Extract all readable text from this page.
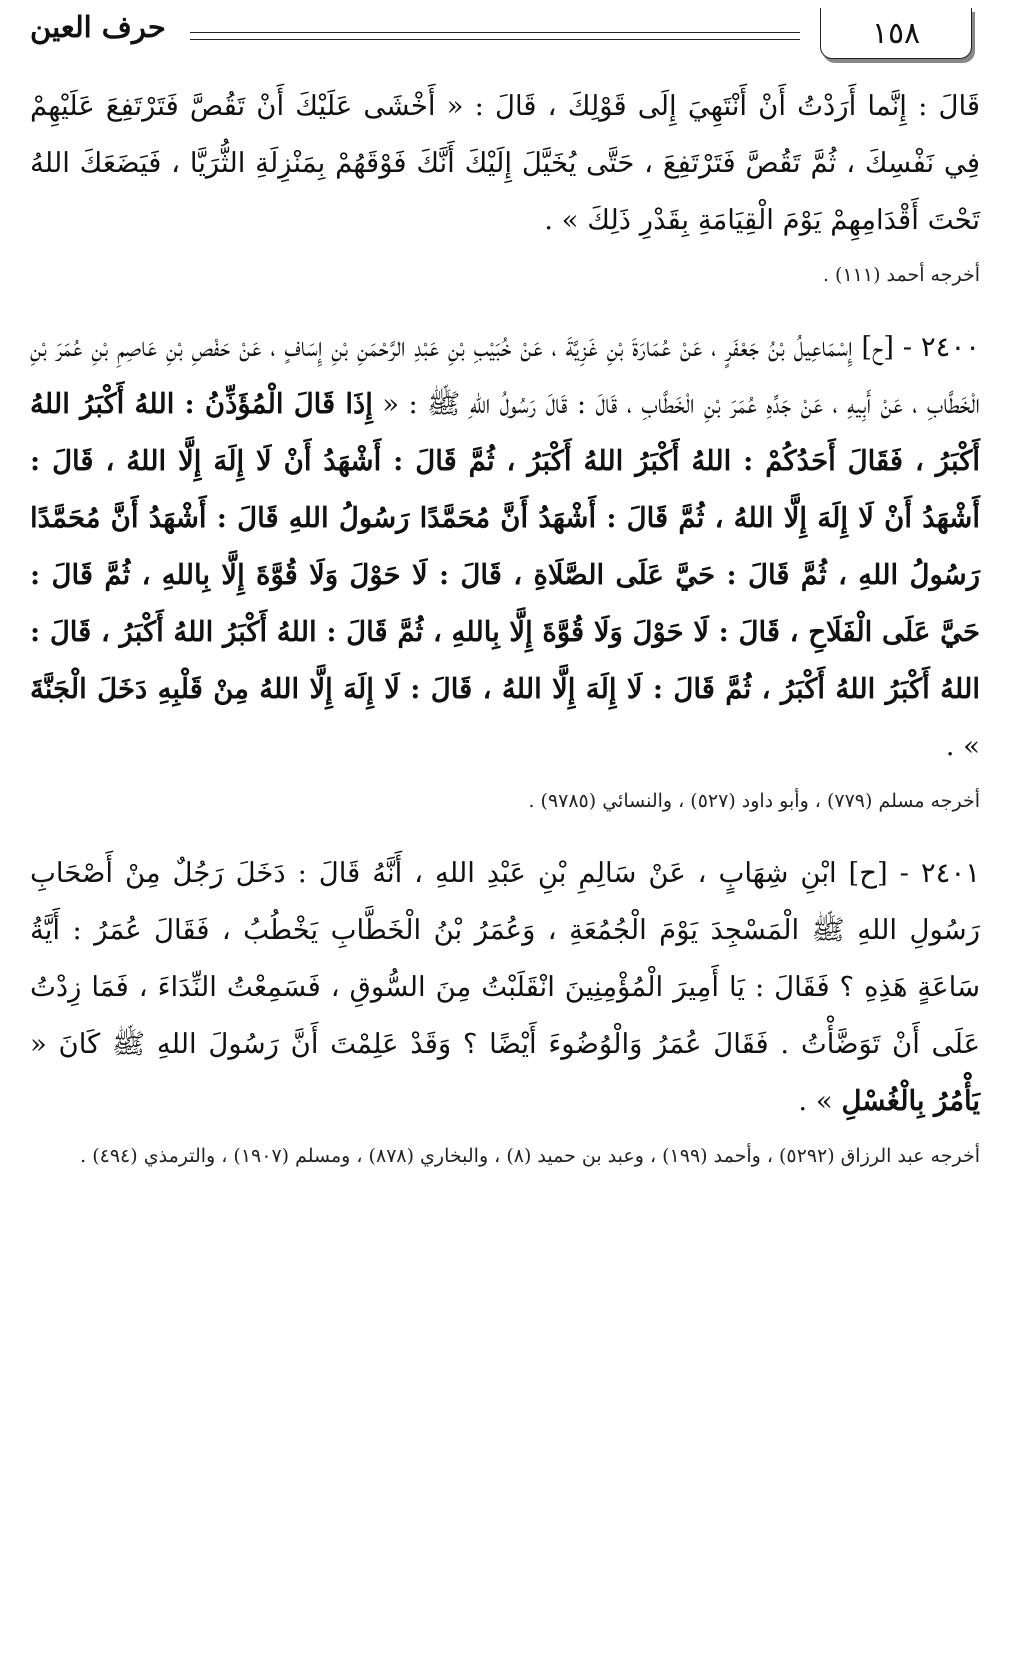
١٥٨
حرف العين

قَالَ : إِنَّما أَرَدْتُ أَنْ أَنْتَهِيَ إِلَى قَوْلِكَ ، قَالَ : « أَخْشَى عَلَيْكَ أَنْ تَقُصَّ فَتَرْتَفِعَ عَلَيْهِمْ فِي نَفْسِكَ ، ثُمَّ تَقُصَّ فَتَرْتَفِعَ ، حَتَّى يُخَيَّلَ إِلَيْكَ أَنَّكَ فَوْقَهُمْ بِمَنْزِلَةِ الثُّرَيَّا ، فَيَضَعَكَ اللهُ تَحْتَ أَقْدَامِهِمْ يَوْمَ الْقِيَامَةِ بِقَدْرِ ذَلِكَ » .

أخرجه أحمد (١١١) .

٢٤٠٠ - [ح] إِسْمَاعِيلُ بْنُ جَعْفَرٍ ، عَنْ عُمَارَةَ بْنِ غَزِيَّةَ ، عَنْ خُبَيْبِ بْنِ عَبْدِ الرَّحْمَنِ بْنِ إِسَافٍ ، عَنْ حَفْصِ بْنِ عَاصِمِ بْنِ عُمَرَ بْنِ الْخَطَّابِ ، عَنْ أَبِيهِ ، عَنْ جَدِّهِ عُمَرَ بْنِ الْخَطَّابِ ، قَالَ : قَالَ رَسُولُ اللهِ ﷺ : « إِذَا قَالَ الْمُؤَذِّنُ : اللهُ أَكْبَرُ اللهُ أَكْبَرُ ، فَقَالَ أَحَدُكُمْ : اللهُ أَكْبَرُ اللهُ أَكْبَرُ ، ثُمَّ قَالَ : أَشْهَدُ أَنْ لَا إِلَهَ إِلَّا اللهُ ، قَالَ : أَشْهَدُ أَنْ لَا إِلَهَ إِلَّا اللهُ ، ثُمَّ قَالَ : أَشْهَدُ أَنَّ مُحَمَّدًا رَسُولُ اللهِ قَالَ : أَشْهَدُ أَنَّ مُحَمَّدًا رَسُولُ اللهِ ، ثُمَّ قَالَ : حَيَّ عَلَى الصَّلَاةِ ، قَالَ : لَا حَوْلَ وَلَا قُوَّةَ إِلَّا بِاللهِ ، ثُمَّ قَالَ : حَيَّ عَلَى الْفَلَاحِ ، قَالَ : لَا حَوْلَ وَلَا قُوَّةَ إِلَّا بِاللهِ ، ثُمَّ قَالَ : اللهُ أَكْبَرُ اللهُ أَكْبَرُ ، قَالَ : اللهُ أَكْبَرُ اللهُ أَكْبَرُ ، ثُمَّ قَالَ : لَا إِلَهَ إِلَّا اللهُ ، قَالَ : لَا إِلَهَ إِلَّا اللهُ مِنْ قَلْبِهِ دَخَلَ الْجَنَّةَ » .

أخرجه مسلم (٧٧٩) ، وأبو داود (٥٢٧) ، والنسائي (٩٧٨٥) .

٢٤٠١ - [ح] ابْنِ شِهَابٍ ، عَنْ سَالِمِ بْنِ عَبْدِ اللهِ ، أَنَّهُ قَالَ : دَخَلَ رَجُلٌ مِنْ أَصْحَابِ رَسُولِ اللهِ ﷺ الْمَسْجِدَ يَوْمَ الْجُمُعَةِ ، وَعُمَرُ بْنُ الْخَطَّابِ يَخْطُبُ ، فَقَالَ عُمَرُ : أَيَّةُ سَاعَةٍ هَذِهِ ؟ فَقَالَ : يَا أَمِيرَ الْمُؤْمِنِينَ انْقَلَبْتُ مِنَ السُّوقِ ، فَسَمِعْتُ النِّدَاءَ ، فَمَا زِدْتُ عَلَى أَنْ تَوَضَّأْتُ . فَقَالَ عُمَرُ وَالْوُضُوءَ أَيْضًا ؟ وَقَدْ عَلِمْتَ أَنَّ رَسُولَ اللهِ ﷺ كَانَ « يَأْمُرُ بِالْغُسْلِ » .

أخرجه عبد الرزاق (٥٢٩٢) ، وأحمد (١٩٩) ، وعبد بن حميد (٨) ، والبخاري (٨٧٨) ، ومسلم (١٩٠٧) ، والترمذي (٤٩٤) .
